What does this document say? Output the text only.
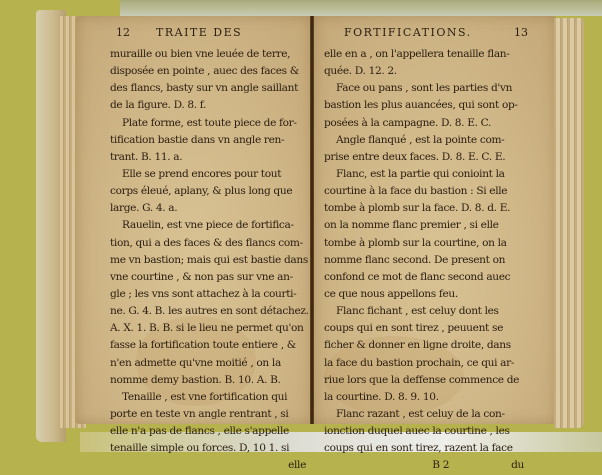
12 TRAITE DES
muraille ou bien vne leuée de terre,
disposée en pointe , auec des faces &
des flancs, basty sur vn angle saillant
de la figure. D. 8. f.
Plate forme, est toute piece de for-
tification bastie dans vn angle ren-
trant. B. 11. a.
Elle se prend encores pour tout
corps éleué, aplany, & plus long que
large. G. 4. a.
Rauelin, est vne piece de fortifica-
tion, qui a des faces & des flancs com-
me vn bastion; mais qui est bastie dans
vne courtine , & non pas sur vne an-
gle ; les vns sont attachez à la courti-
ne. G. 4. B. les autres en sont détachez.
A. X. 1. B. B. si le lieu ne permet qu'on
fasse la fortification toute entiere , &
n'en admette qu'vne moitié , on la
nomme demy bastion. B. 10. A. B.
Tenaille , est vne fortification qui
porte en teste vn angle rentrant , si
elle n'a pas de flancs , elle s'appelle
tenaille simple ou forces. D, 10 1. si
elle
FORTIFICATIONS.	13
elle en a , on l'appellera tenaille flan-
quée. D. 12. 2.
Face ou pans , sont les parties d'vn
bastion les plus auancées, qui sont op-
posées à la campagne. D. 8. E. C.
Angle flanqué , est la pointe com-
prise entre deux faces. D. 8. E. C. E.
Flanc, est la partie qui conioint la
courtine à la face du bastion : Si elle
tombe à plomb sur la face. D. 8. d. E.
on la nomme flanc premier , si elle
tombe à plomb sur la courtine, on la
nomme flanc second. De present on
confond ce mot de flanc second auec
ce que nous appellons feu.
Flanc fichant , est celuy dont les
coups qui en sont tirez , peuuent se
ficher & donner en ligne droite, dans
la face du bastion prochain, ce qui ar-
riue lors que la deffense commence de
la courtine. D. 8. 9. 10.
Flanc razant , est celuy de la con-
ionction duquel auec la courtine , les
coups qui en sont tirez, razent la face
B 2	du
